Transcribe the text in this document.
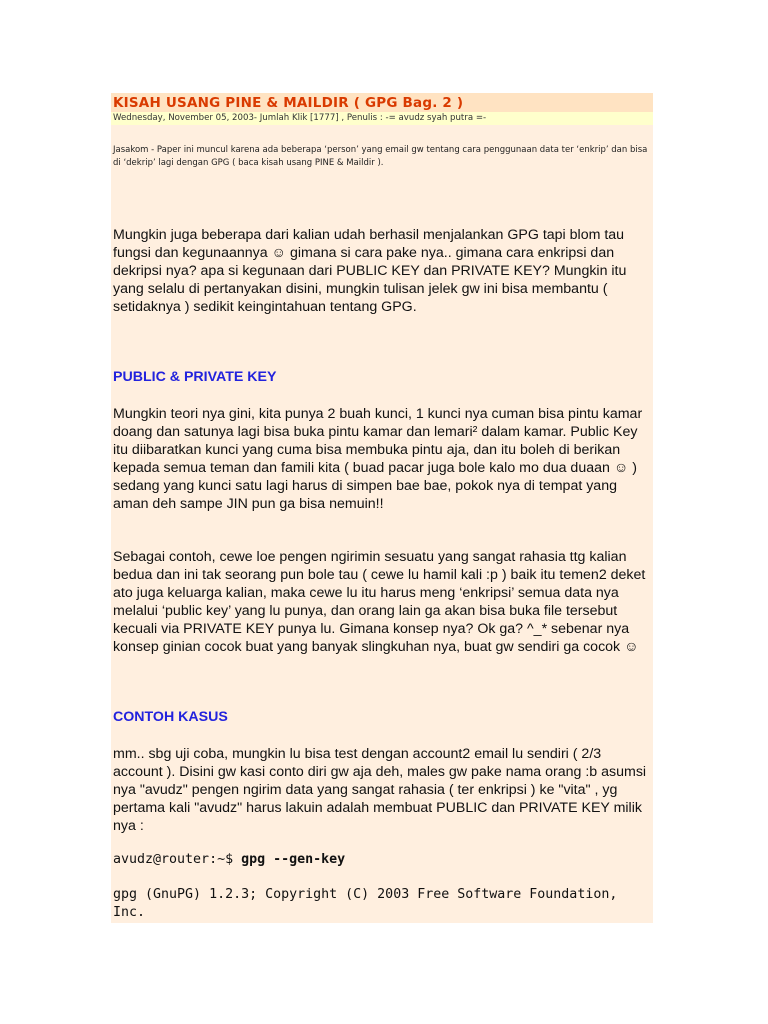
KISAH USANG PINE & MAILDIR ( GPG Bag. 2 )
Wednesday, November 05, 2003- Jumlah Klik [1777] , Penulis : -= avudz syah putra =-
Jasakom - Paper ini muncul karena ada beberapa ‘person’ yang email gw tentang cara penggunaan data ter ‘enkrip’ dan bisa di ‘dekrip’ lagi dengan GPG ( baca kisah usang PINE & Maildir ).

Mungkin juga beberapa dari kalian udah berhasil menjalankan GPG tapi blom tau fungsi dan kegunaannya ☺ gimana si cara pake nya.. gimana cara enkripsi dan dekripsi nya? apa si kegunaan dari PUBLIC KEY dan PRIVATE KEY? Mungkin itu yang selalu di pertanyakan disini, mungkin tulisan jelek gw ini bisa membantu ( setidaknya ) sedikit keingintahuan tentang GPG.

PUBLIC & PRIVATE KEY

Mungkin teori nya gini, kita punya 2 buah kunci, 1 kunci nya cuman bisa pintu kamar doang dan satunya lagi bisa buka pintu kamar dan lemari² dalam kamar. Public Key itu diibaratkan kunci yang cuma bisa membuka pintu aja, dan itu boleh di berikan kepada semua teman dan famili kita ( buad pacar juga bole kalo mo dua duaan ☺ ) sedang yang kunci satu lagi harus di simpen bae bae, pokok nya di tempat yang aman deh sampe JIN pun ga bisa nemuin!!

Sebagai contoh, cewe loe pengen ngirimin sesuatu yang sangat rahasia ttg kalian bedua dan ini tak seorang pun bole tau ( cewe lu hamil kali :p ) baik itu temen2 deket ato juga keluarga kalian, maka cewe lu itu harus meng ‘enkripsi’ semua data nya melalui ‘public key’ yang lu punya, dan orang lain ga akan bisa buka file tersebut kecuali via PRIVATE KEY punya lu. Gimana konsep nya? Ok ga? ^_* sebenar nya konsep ginian cocok buat yang banyak slingkuhan nya, buat gw sendiri ga cocok ☺

CONTOH KASUS

mm.. sbg uji coba, mungkin lu bisa test dengan account2 email lu sendiri ( 2/3 account ). Disini gw kasi conto diri gw aja deh, males gw pake nama orang :b asumsi nya "avudz" pengen ngirim data yang sangat rahasia ( ter enkripsi ) ke "vita" , yg pertama kali "avudz" harus lakuin adalah membuat PUBLIC dan PRIVATE KEY milik nya :

avudz@router:~$ gpg --gen-key
gpg (GnuPG) 1.2.3; Copyright (C) 2003 Free Software Foundation, Inc.
